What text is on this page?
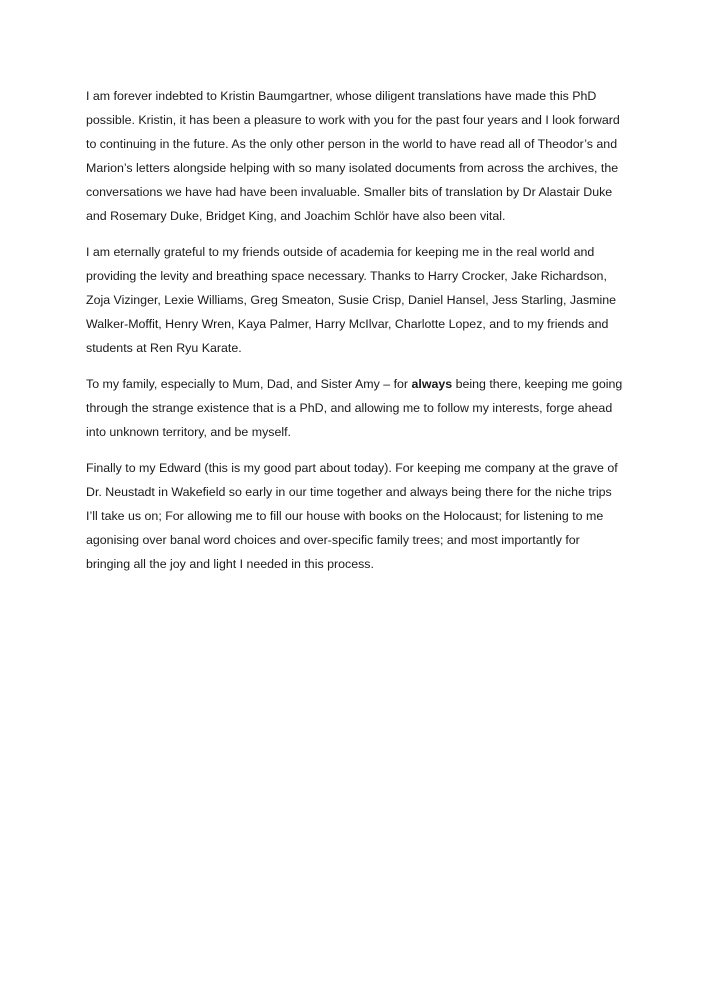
I am forever indebted to Kristin Baumgartner, whose diligent translations have made this PhD possible. Kristin, it has been a pleasure to work with you for the past four years and I look forward to continuing in the future. As the only other person in the world to have read all of Theodor’s and Marion’s letters alongside helping with so many isolated documents from across the archives, the conversations we have had have been invaluable. Smaller bits of translation by Dr Alastair Duke and Rosemary Duke, Bridget King, and Joachim Schlör have also been vital.

I am eternally grateful to my friends outside of academia for keeping me in the real world and providing the levity and breathing space necessary. Thanks to Harry Crocker, Jake Richardson, Zoja Vizinger, Lexie Williams, Greg Smeaton, Susie Crisp, Daniel Hansel, Jess Starling, Jasmine Walker-Moffit, Henry Wren, Kaya Palmer, Harry McIlvar, Charlotte Lopez, and to my friends and students at Ren Ryu Karate.

To my family, especially to Mum, Dad, and Sister Amy – for always being there, keeping me going through the strange existence that is a PhD, and allowing me to follow my interests, forge ahead into unknown territory, and be myself.

Finally to my Edward (this is my good part about today). For keeping me company at the grave of Dr. Neustadt in Wakefield so early in our time together and always being there for the niche trips I’ll take us on; For allowing me to fill our house with books on the Holocaust; for listening to me agonising over banal word choices and over-specific family trees; and most importantly for bringing all the joy and light I needed in this process.
